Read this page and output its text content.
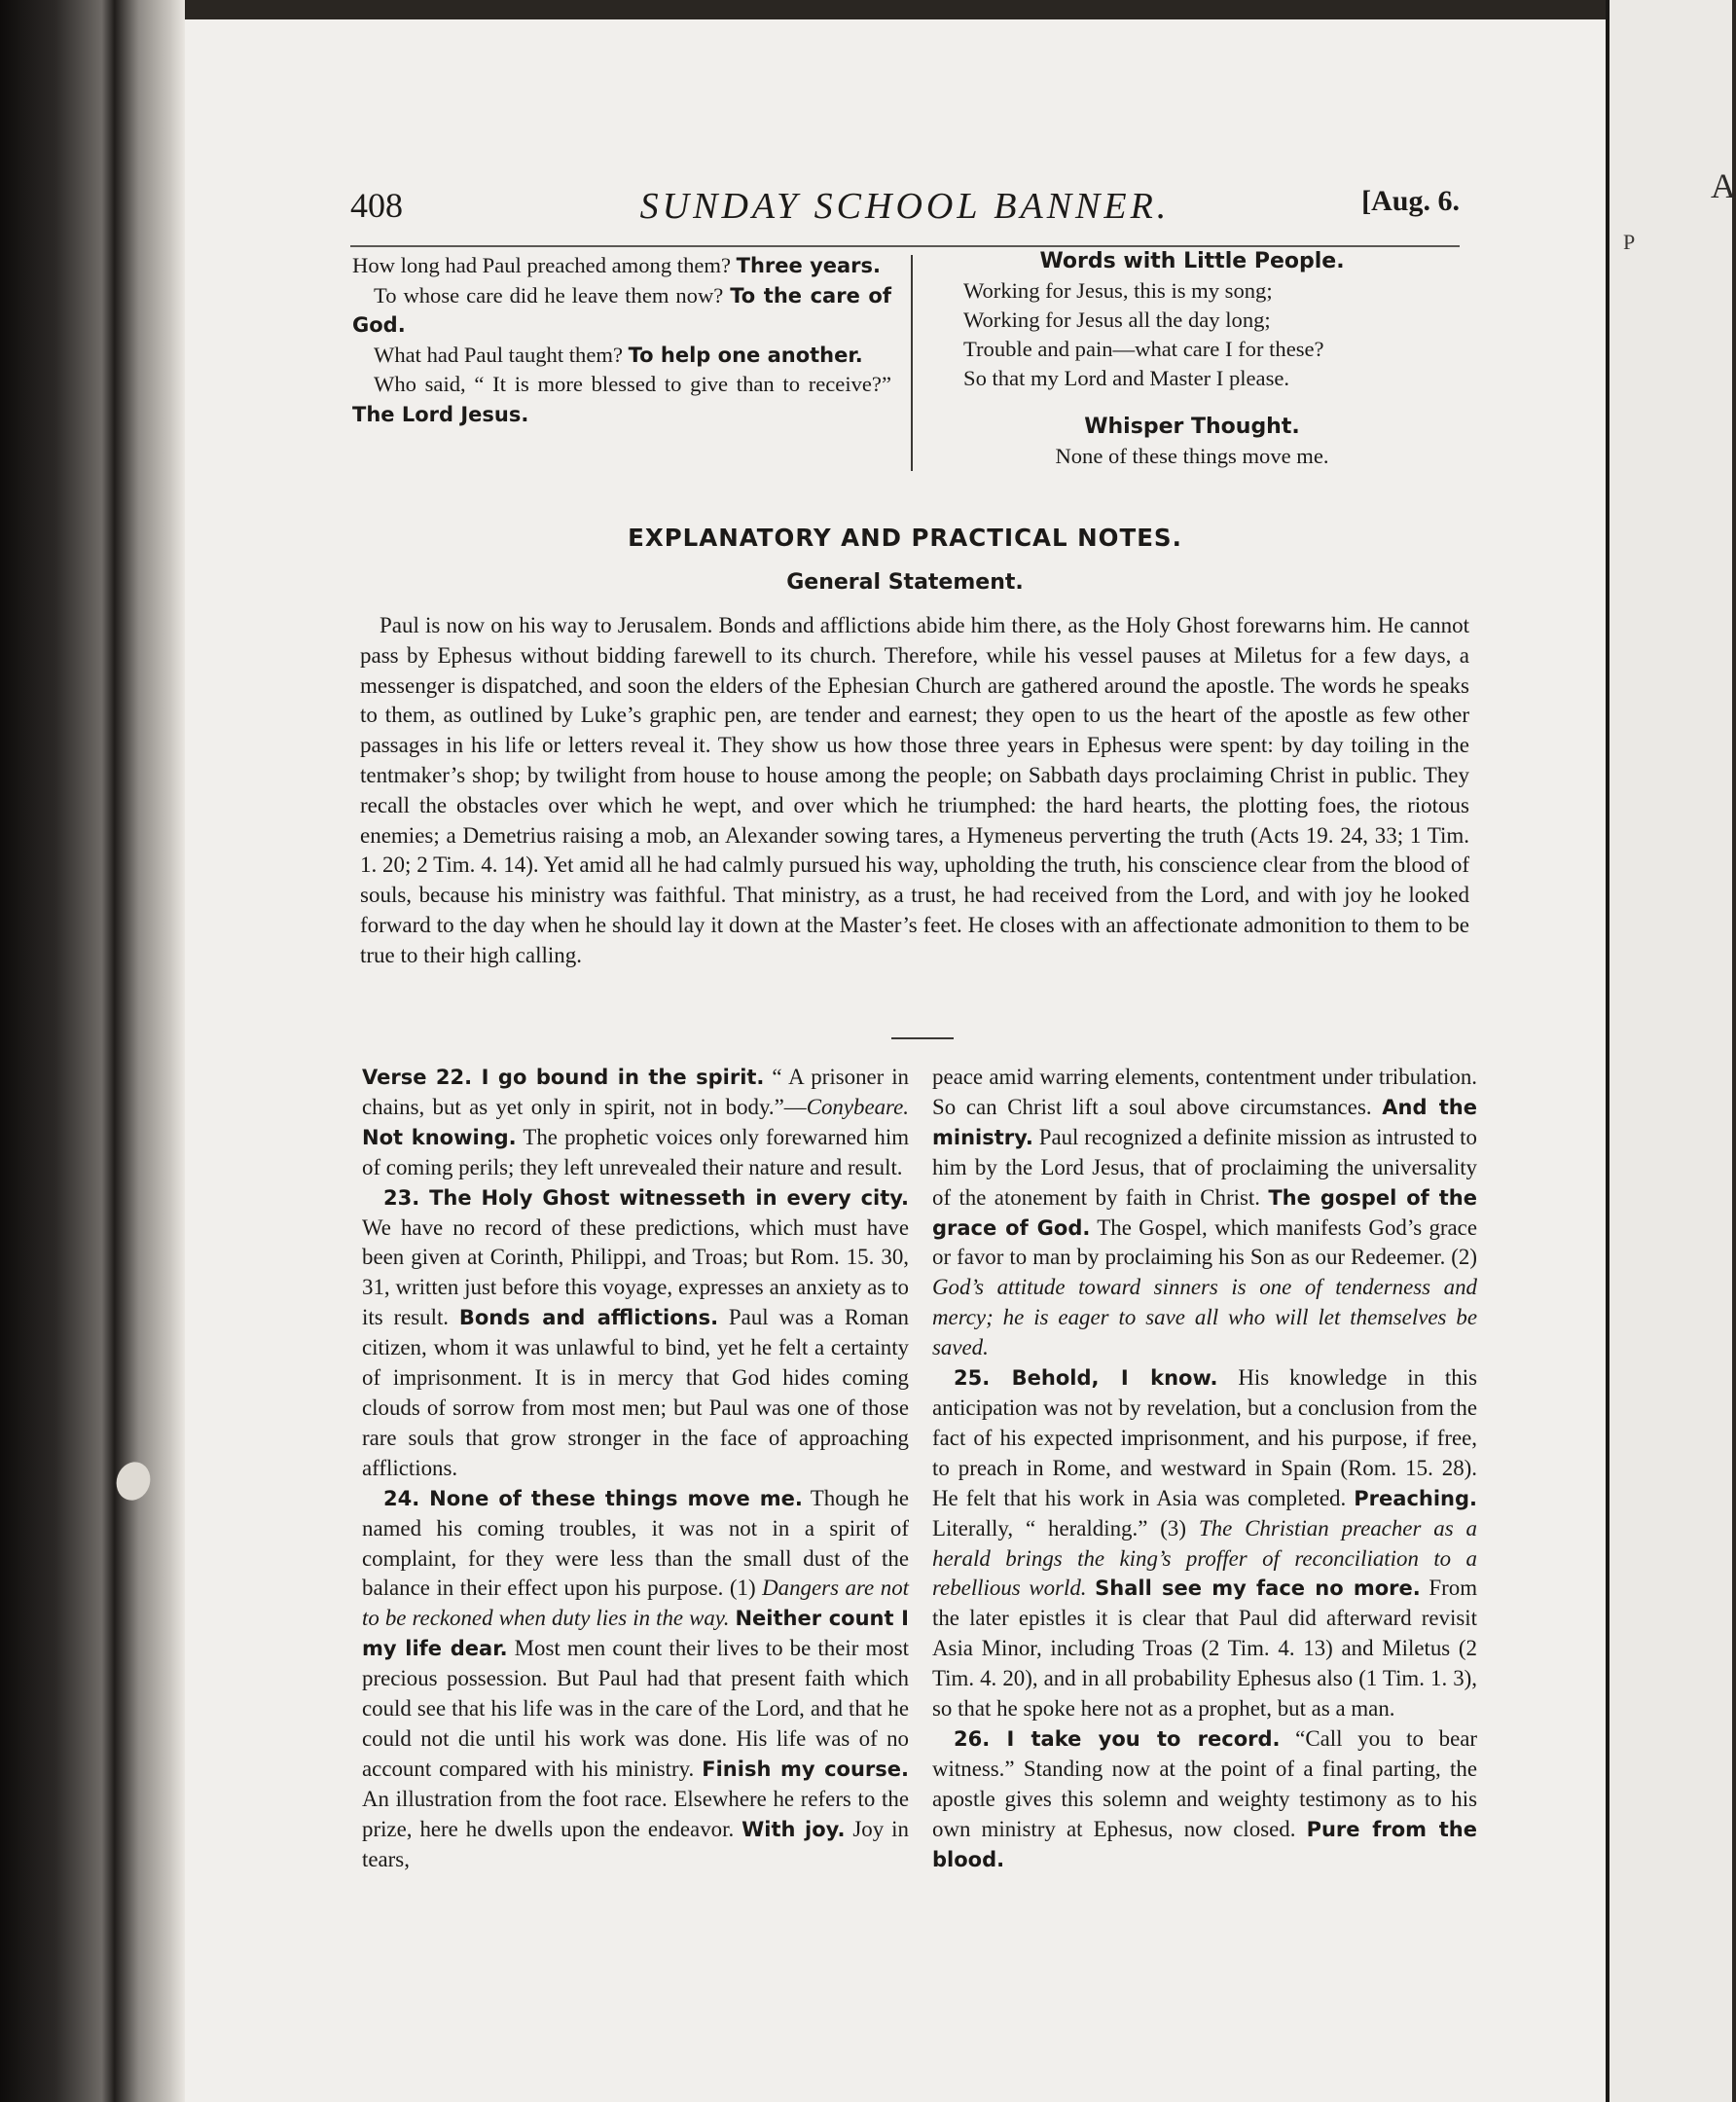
SUNDAY SCHOOL BANNER.
408	[Aug. 6.

How long had Paul preached among them? Three years.

To whose care did he leave them now? To the care of God.

What had Paul taught them? To help one another.

Who said, “ It is more blessed to give than to receive?” The Lord Jesus.

Words with Little People.
Working for Jesus, this is my song;
Working for Jesus all the day long;
Trouble and pain—what care I for these?
So that my Lord and Master I please.
Whisper Thought.
None of these things move me.
EXPLANATORY AND PRACTICAL NOTES.
General Statement.
Paul is now on his way to Jerusalem. Bonds and afflictions abide him there, as the Holy Ghost forewarns him. He cannot pass by Ephesus without bidding farewell to its church. Therefore, while his vessel pauses at Miletus for a few days, a messenger is dispatched, and soon the elders of the Ephesian Church are gathered around the apostle. The words he speaks to them, as outlined by Luke’s graphic pen, are tender and earnest; they open to us the heart of the apostle as few other passages in his life or letters reveal it. They show us how those three years in Ephesus were spent: by day toiling in the tentmaker’s shop; by twilight from house to house among the people; on Sabbath days proclaiming Christ in public. They recall the obstacles over which he wept, and over which he triumphed: the hard hearts, the plotting foes, the riotous enemies; a Demetrius raising a mob, an Alexander sowing tares, a Hymeneus perverting the truth (Acts 19. 24, 33; 1 Tim. 1. 20; 2 Tim. 4. 14). Yet amid all he had calmly pursued his way, upholding the truth, his conscience clear from the blood of souls, because his ministry was faithful. That ministry, as a trust, he had received from the Lord, and with joy he looked forward to the day when he should lay it down at the Master’s feet. He closes with an affectionate admonition to them to be true to their high calling.

Verse 22. I go bound in the spirit. “ A prisoner in chains, but as yet only in spirit, not in body.”—Conybeare. Not knowing. The prophetic voices only forewarned him of coming perils; they left unrevealed their nature and result.

23. The Holy Ghost witnesseth in every city. We have no record of these predictions, which must have been given at Corinth, Philippi, and Troas; but Rom. 15. 30, 31, written just before this voyage, expresses an anxiety as to its result. Bonds and afflictions. Paul was a Roman citizen, whom it was unlawful to bind, yet he felt a certainty of imprisonment. It is in mercy that God hides coming clouds of sorrow from most men; but Paul was one of those rare souls that grow stronger in the face of approaching afflictions.

24. None of these things move me. Though he named his coming troubles, it was not in a spirit of complaint, for they were less than the small dust of the balance in their effect upon his purpose. (1) Dangers are not to be reckoned when duty lies in the way. Neither count I my life dear. Most men count their lives to be their most precious possession. But Paul had that present faith which could see that his life was in the care of the Lord, and that he could not die until his work was done. His life was of no account compared with his ministry. Finish my course. An illustration from the foot race. Elsewhere he refers to the prize, here he dwells upon the endeavor. With joy. Joy in tears,

peace amid warring elements, contentment under tribulation. So can Christ lift a soul above circumstances. And the ministry. Paul recognized a definite mission as intrusted to him by the Lord Jesus, that of proclaiming the universality of the atonement by faith in Christ. The gospel of the grace of God. The Gospel, which manifests God’s grace or favor to man by proclaiming his Son as our Redeemer. (2) God’s attitude toward sinners is one of tenderness and mercy; he is eager to save all who will let themselves be saved.

25. Behold, I know. His knowledge in this anticipation was not by revelation, but a conclusion from the fact of his expected imprisonment, and his purpose, if free, to preach in Rome, and westward in Spain (Rom. 15. 28). He felt that his work in Asia was completed. Preaching. Literally, “ heralding.” (3) The Christian preacher as a herald brings the king’s proffer of reconciliation to a rebellious world. Shall see my face no more. From the later epistles it is clear that Paul did afterward revisit Asia Minor, including Troas (2 Tim. 4. 13) and Miletus (2 Tim. 4. 20), and in all probability Ephesus also (1 Tim. 1. 3), so that he spoke here not as a prophet, but as a man.

26. I take you to record. “Call you to bear witness.” Standing now at the point of a final parting, the apostle gives this solemn and weighty testimony as to his own ministry at Ephesus, now closed. Pure from the blood.

P
A
